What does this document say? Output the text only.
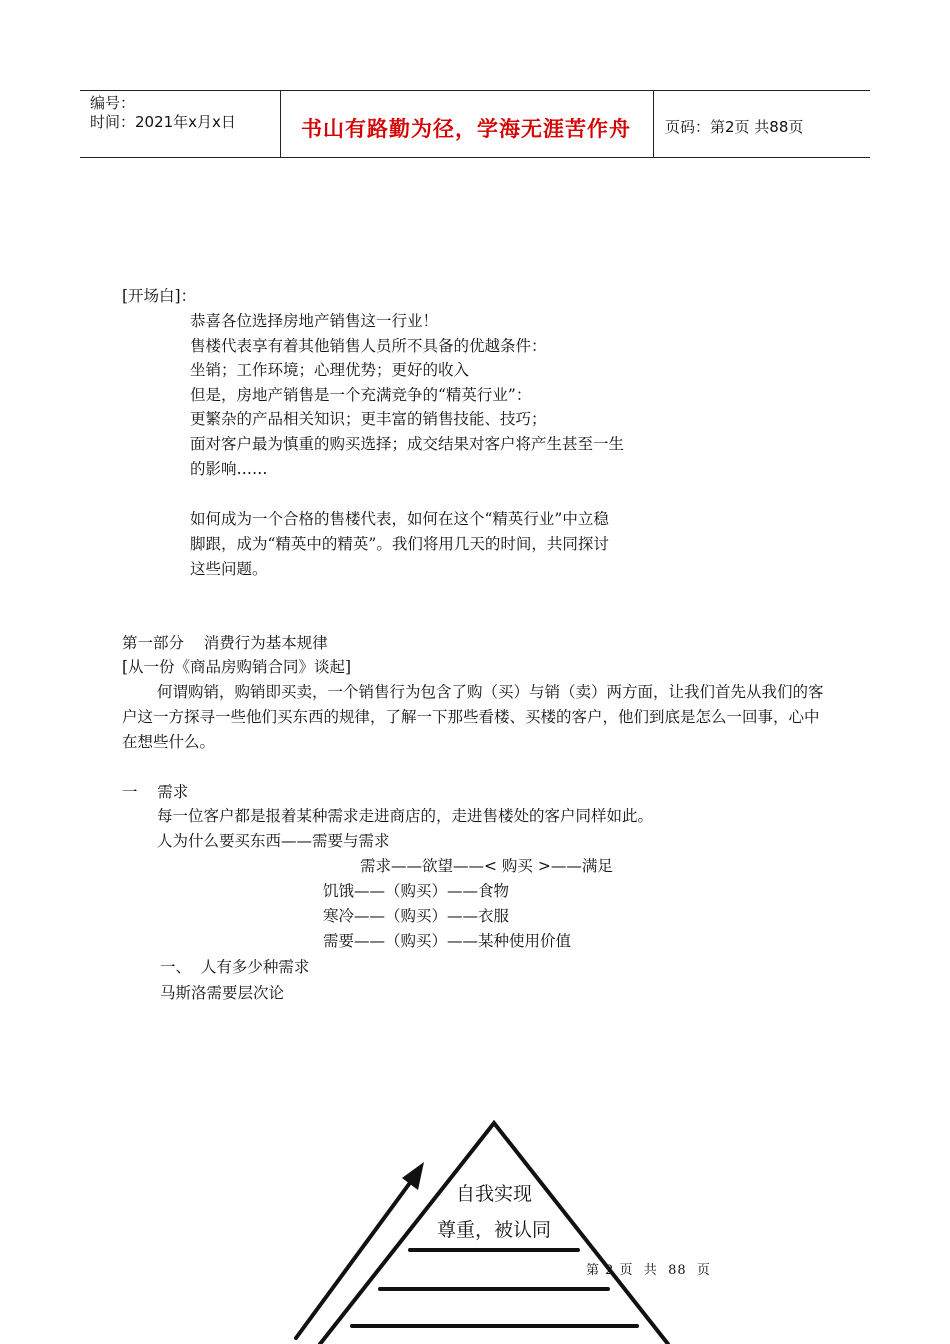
编号：
时间：2021年x月x日	书山有路勤为径，学海无涯苦作舟 页码：第2页 共88页
[开场白]：
恭喜各位选择房地产销售这一行业！
售楼代表享有着其他销售人员所不具备的优越条件：
坐销；工作环境；心理优势；更好的收入
但是，房地产销售是一个充满竞争的“精英行业”：
更繁杂的产品相关知识；更丰富的销售技能、技巧；
面对客户最为慎重的购买选择；成交结果对客户将产生甚至一生
的影响……
如何成为一个合格的售楼代表，如何在这个“精英行业”中立稳
脚跟，成为“精英中的精英”。我们将用几天的时间，共同探讨
这些问题。
第一部分    消费行为基本规律
[从一份《商品房购销合同》谈起]
何谓购销，购销即买卖，一个销售行为包含了购（买）与销（卖）两方面，让我们首先从我们的客户这一方探寻一些他们买东西的规律，了解一下那些看楼、买楼的客户，他们到底是怎么一回事，心中在想些什么。
一    需求
每一位客户都是报着某种需求走进商店的，走进售楼处的客户同样如此。
人为什么要买东西——需要与需求
需求——欲望——< 购买 >——满足
饥饿——（购买）——食物
寒冷——（购买）——衣服
需要——（购买）——某种使用价值
一、  人有多少种需求
马斯洛需要层次论
自我实现
尊重，被认同
第 2 页  共  88  页
